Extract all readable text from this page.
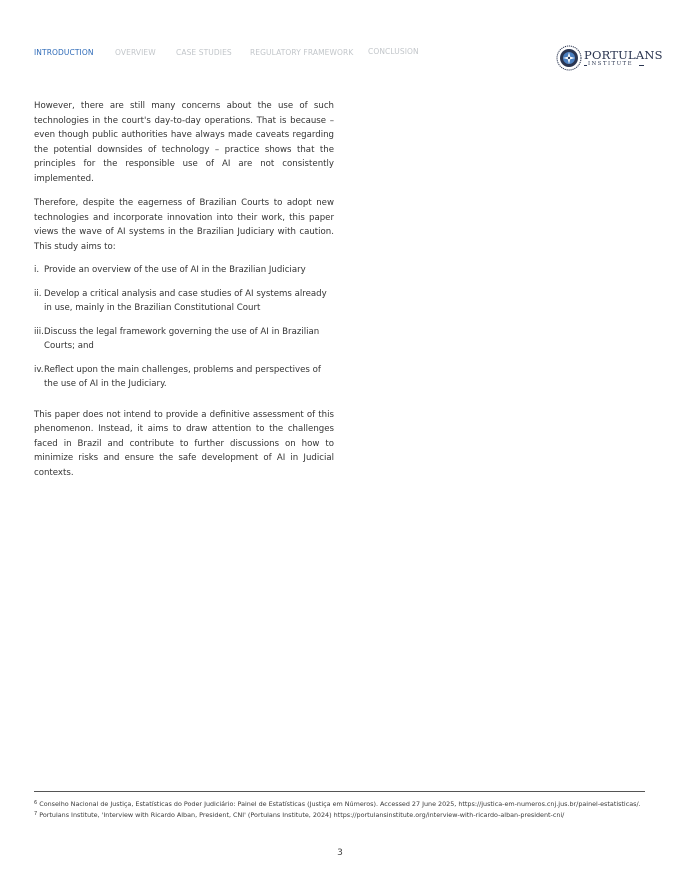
INTRODUCTION	OVERVIEW	CASE STUDIES REGULATORY FRAMEWORK CONCLUSION	PORTULANS
INSTITUTE

However, there are still many concerns about the use of such technologies in the court's day-to-day operations. That is because – even though public authorities have always made caveats regarding the potential downsides of technology – practice shows that the principles for the responsible use of AI are not consistently implemented.

Therefore, despite the eagerness of Brazilian Courts to adopt new technologies and incorporate innovation into their work, this paper views the wave of AI systems in the Brazilian Judiciary with caution. This study aims to:

i. Provide an overview of the use of AI in the Brazilian Judiciary
ii. Develop a critical analysis and case studies of AI systems already in use, mainly in the Brazilian Constitutional Court
iii. Discuss the legal framework governing the use of AI in Brazilian Courts; and
iv. Reflect upon the main challenges, problems and perspectives of the use of AI in the Judiciary.

This paper does not intend to provide a definitive assessment of this phenomenon. Instead, it aims to draw attention to the challenges faced in Brazil and contribute to further discussions on how to minimize risks and ensure the safe development of AI in Judicial contexts.

$^6$ Conselho Nacional de Justiça, Estatísticas do Poder Judiciário: Painel de Estatísticas (Justiça em Números). Accessed 27 June 2025, https://justica-em-numeros.cnj.jus.br/painel-estatisticas/.

$^7$ Portulans Institute, 'Interview with Ricardo Alban, President, CNI' (Portulans Institute, 2024) https://portulansinstitute.org/interview-with-ricardo-alban-president-cni/

3
